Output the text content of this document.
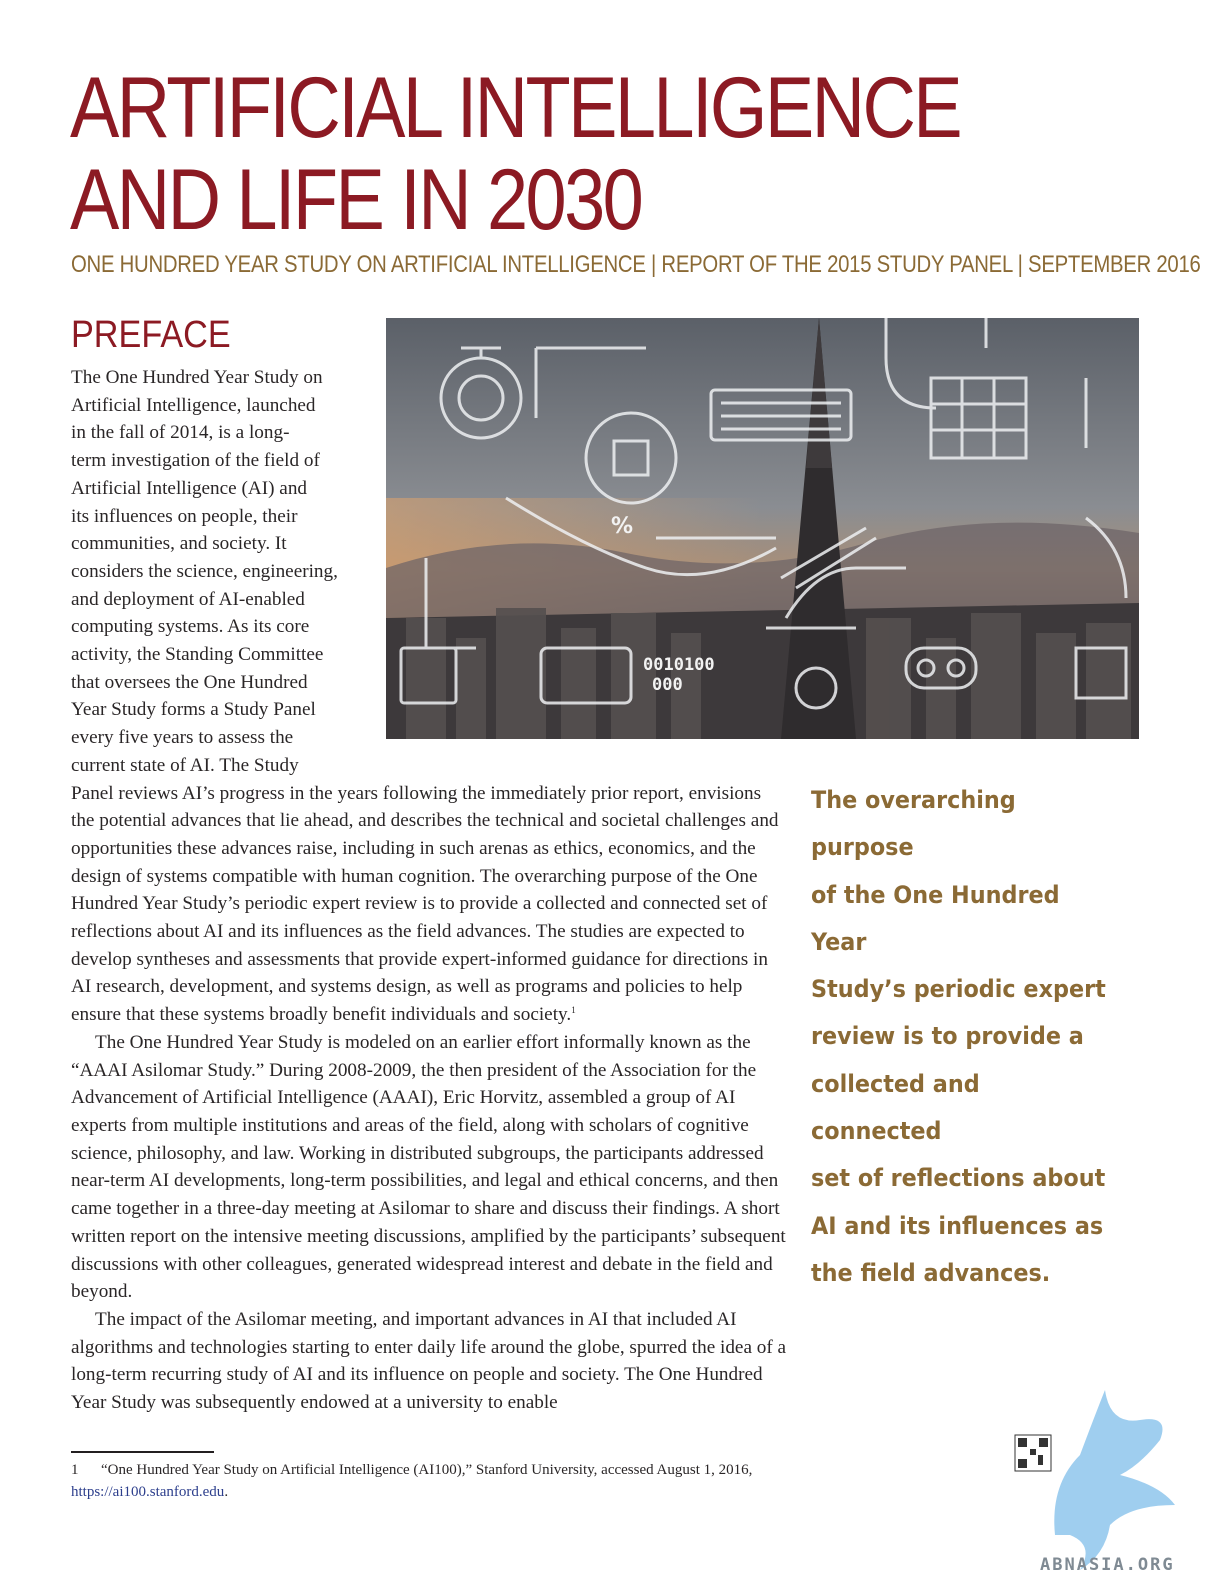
ARTIFICIAL INTELLIGENCE
AND LIFE IN 2030
ONE HUNDRED YEAR STUDY ON ARTIFICIAL INTELLIGENCE | REPORT OF THE 2015 STUDY PANEL | SEPTEMBER 2016
PREFACE
%
0010100
000
The One Hundred Year Study on
Artificial Intelligence, launched
in the fall of 2014, is a long-
term investigation of the field of
Artificial Intelligence (AI) and
its influences on people, their
communities, and society. It
considers the science, engineering,
and deployment of AI-enabled
computing systems. As its core
activity, the Standing Committee
that oversees the One Hundred
Year Study forms a Study Panel
every five years to assess the
current state of AI. The Study

Panel reviews AI’s progress in the years following the immediately prior report, envisions the potential advances that lie ahead, and describes the technical and societal challenges and opportunities these advances raise, including in such arenas as ethics, economics, and the design of systems compatible with human cognition. The overarching purpose of the One Hundred Year Study’s periodic expert review is to provide a collected and connected set of reflections about AI and its influences as the field advances. The studies are expected to develop syntheses and assessments that provide expert-informed guidance for directions in AI research, development, and systems design, as well as programs and policies to help ensure that these systems broadly benefit individuals and society.$^1$

The One Hundred Year Study is modeled on an earlier effort informally known as the “AAAI Asilomar Study.” During 2008-2009, the then president of the Association for the Advancement of Artificial Intelligence (AAAI), Eric Horvitz, assembled a group of AI experts from multiple institutions and areas of the field, along with scholars of cognitive science, philosophy, and law. Working in distributed subgroups, the participants addressed near-term AI developments, long-term possibilities, and legal and ethical concerns, and then came together in a three-day meeting at Asilomar to share and discuss their findings. A short written report on the intensive meeting discussions, amplified by the participants’ subsequent discussions with other colleagues, generated widespread interest and debate in the field and beyond.

The impact of the Asilomar meeting, and important advances in AI that included AI algorithms and technologies starting to enter daily life around the globe, spurred the idea of a long-term recurring study of AI and its influence on people and society. The One Hundred Year Study was subsequently endowed at a university to enable

The overarching purpose
of the One Hundred Year
Study’s periodic expert
review is to provide a
collected and connected
set of reflections about
AI and its influences as
the field advances.
1 “One Hundred Year Study on Artificial Intelligence (AI100),” Stanford University, accessed August 1, 2016, https://ai100.stanford.edu.
ABNASIA.ORG
